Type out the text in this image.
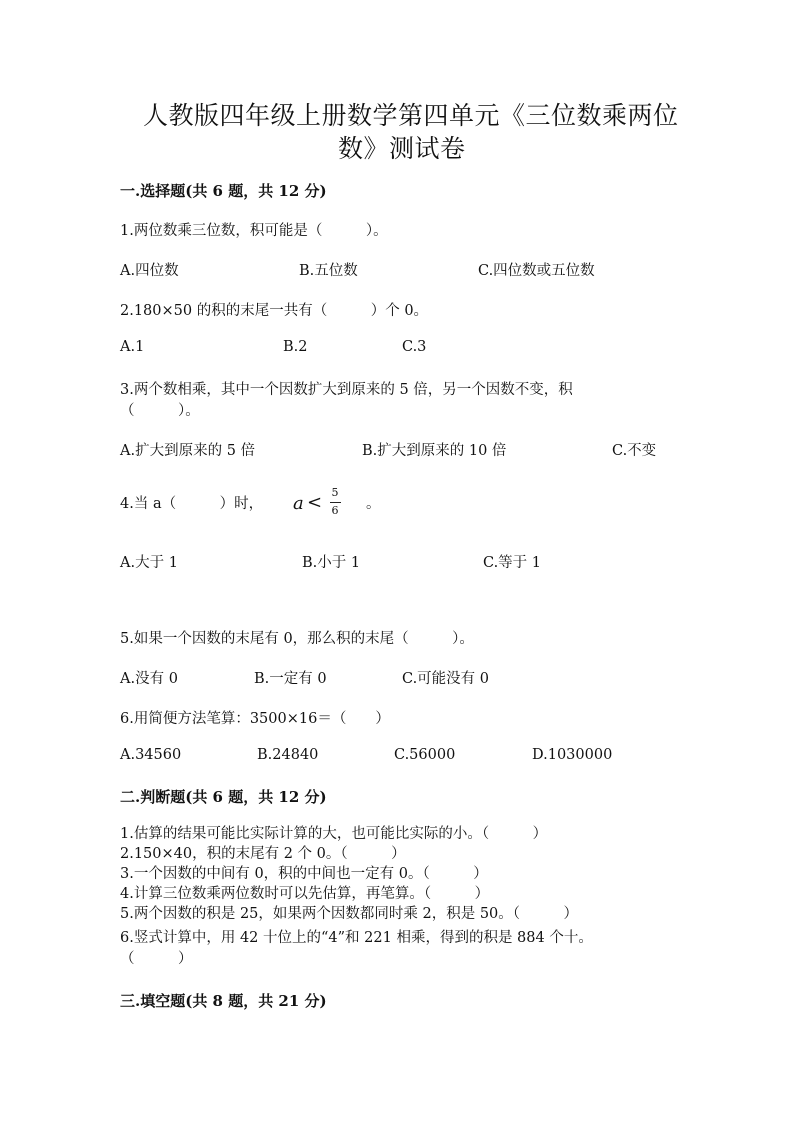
人教版四年级上册数学第四单元《三位数乘两位
数》测试卷
一.选择题(共 6 题，共 12 分)
1.两位数乘三位数，积可能是（　　　）。
A.四位数	B.五位数	C.四位数或五位数
2.180×50 的积的末尾一共有（　　　）个 0。
A.1	B.2	C.3
3.两个数相乘，其中一个因数扩大到原来的 5 倍，另一个因数不变，积
（　　　）。
A.扩大到原来的 5 倍	B.扩大到原来的 10 倍	C.不变
4.当 a（　　　）时， a < 5
6 。
A.大于 1	B.小于 1	C.等于 1
5.如果一个因数的末尾有 0，那么积的末尾（　　　）。
A.没有 0	B.一定有 0	C.可能没有 0
6.用简便方法笔算：3500×16＝（　　）
A.34560	B.24840	C.56000	D.1030000
二.判断题(共 6 题，共 12 分)
1.估算的结果可能比实际计算的大，也可能比实际的小。（　　　）
2.150×40，积的末尾有 2 个 0。（　　　）
3.一个因数的中间有 0，积的中间也一定有 0。（　　　）
4.计算三位数乘两位数时可以先估算，再笔算。（　　　）
5.两个因数的积是 25，如果两个因数都同时乘 2，积是 50。（　　　）
6.竖式计算中，用 42 十位上的“4”和 221 相乘，得到的积是 884 个十。
（　　　）
三.填空题(共 8 题，共 21 分)
